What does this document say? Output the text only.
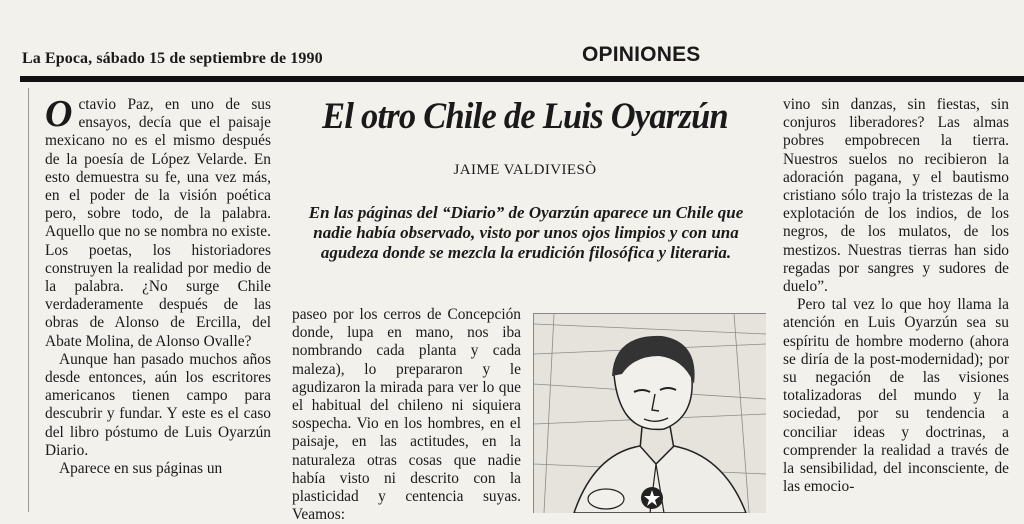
La Epoca, sábado 15 de septiembre de 1990	OPINIONES

Octavio Paz, en uno de sus ensayos, decía que el paisaje mexicano no es el mismo después de la poesía de López Velarde. En esto demuestra su fe, una vez más, en el poder de la visión poética pero, sobre todo, de la palabra. Aquello que no se nombra no existe. Los poetas, los historiadores construyen la realidad por medio de la palabra. ¿No surge Chile verdaderamente después de las obras de Alonso de Ercilla, del Abate Molina, de Alonso Ovalle?

Aunque han pasado muchos años desde entonces, aún los escritores americanos tienen campo para descubrir y fundar. Y este es el caso del libro póstumo de Luis Oyarzún Diario.

Aparece en sus páginas un

El otro Chile de Luis Oyarzún
JAIME VALDIVIESÒ
En las páginas del “Diario” de Oyarzún aparece un Chile que nadie había observado, visto por unos ojos limpios y con una agudeza donde se mezcla la erudición filosófica y literaria.

paseo por los cerros de Concepción donde, lupa en mano, nos iba nombrando cada planta y cada maleza), lo prepararon y le agudizaron la mirada para ver lo que el habitual del chileno ni siquiera sospecha. Vio en los hombres, en el paisaje, en las actitudes, en la naturaleza otras cosas que nadie había visto ni descrito con la plasticidad y centencia suyas. Veamos:

vino sin danzas, sin fiestas, sin conjuros liberadores? Las almas pobres empobrecen la tierra. Nuestros suelos no recibieron la adoración pagana, y el bautismo cristiano sólo trajo la tristezas de la explotación de los indios, de los negros, de los mulatos, de los mestizos. Nuestras tierras han sido regadas por sangres y sudores de duelo”.

Pero tal vez lo que hoy llama la atención en Luis Oyarzún sea su espíritu de hombre moderno (ahora se diría de la post-modernidad); por su negación de las visiones totalizadoras del mundo y la sociedad, por su tendencia a conciliar ideas y doctrinas, a comprender la realidad a través de la sensibilidad, del inconsciente, de las emocio-
